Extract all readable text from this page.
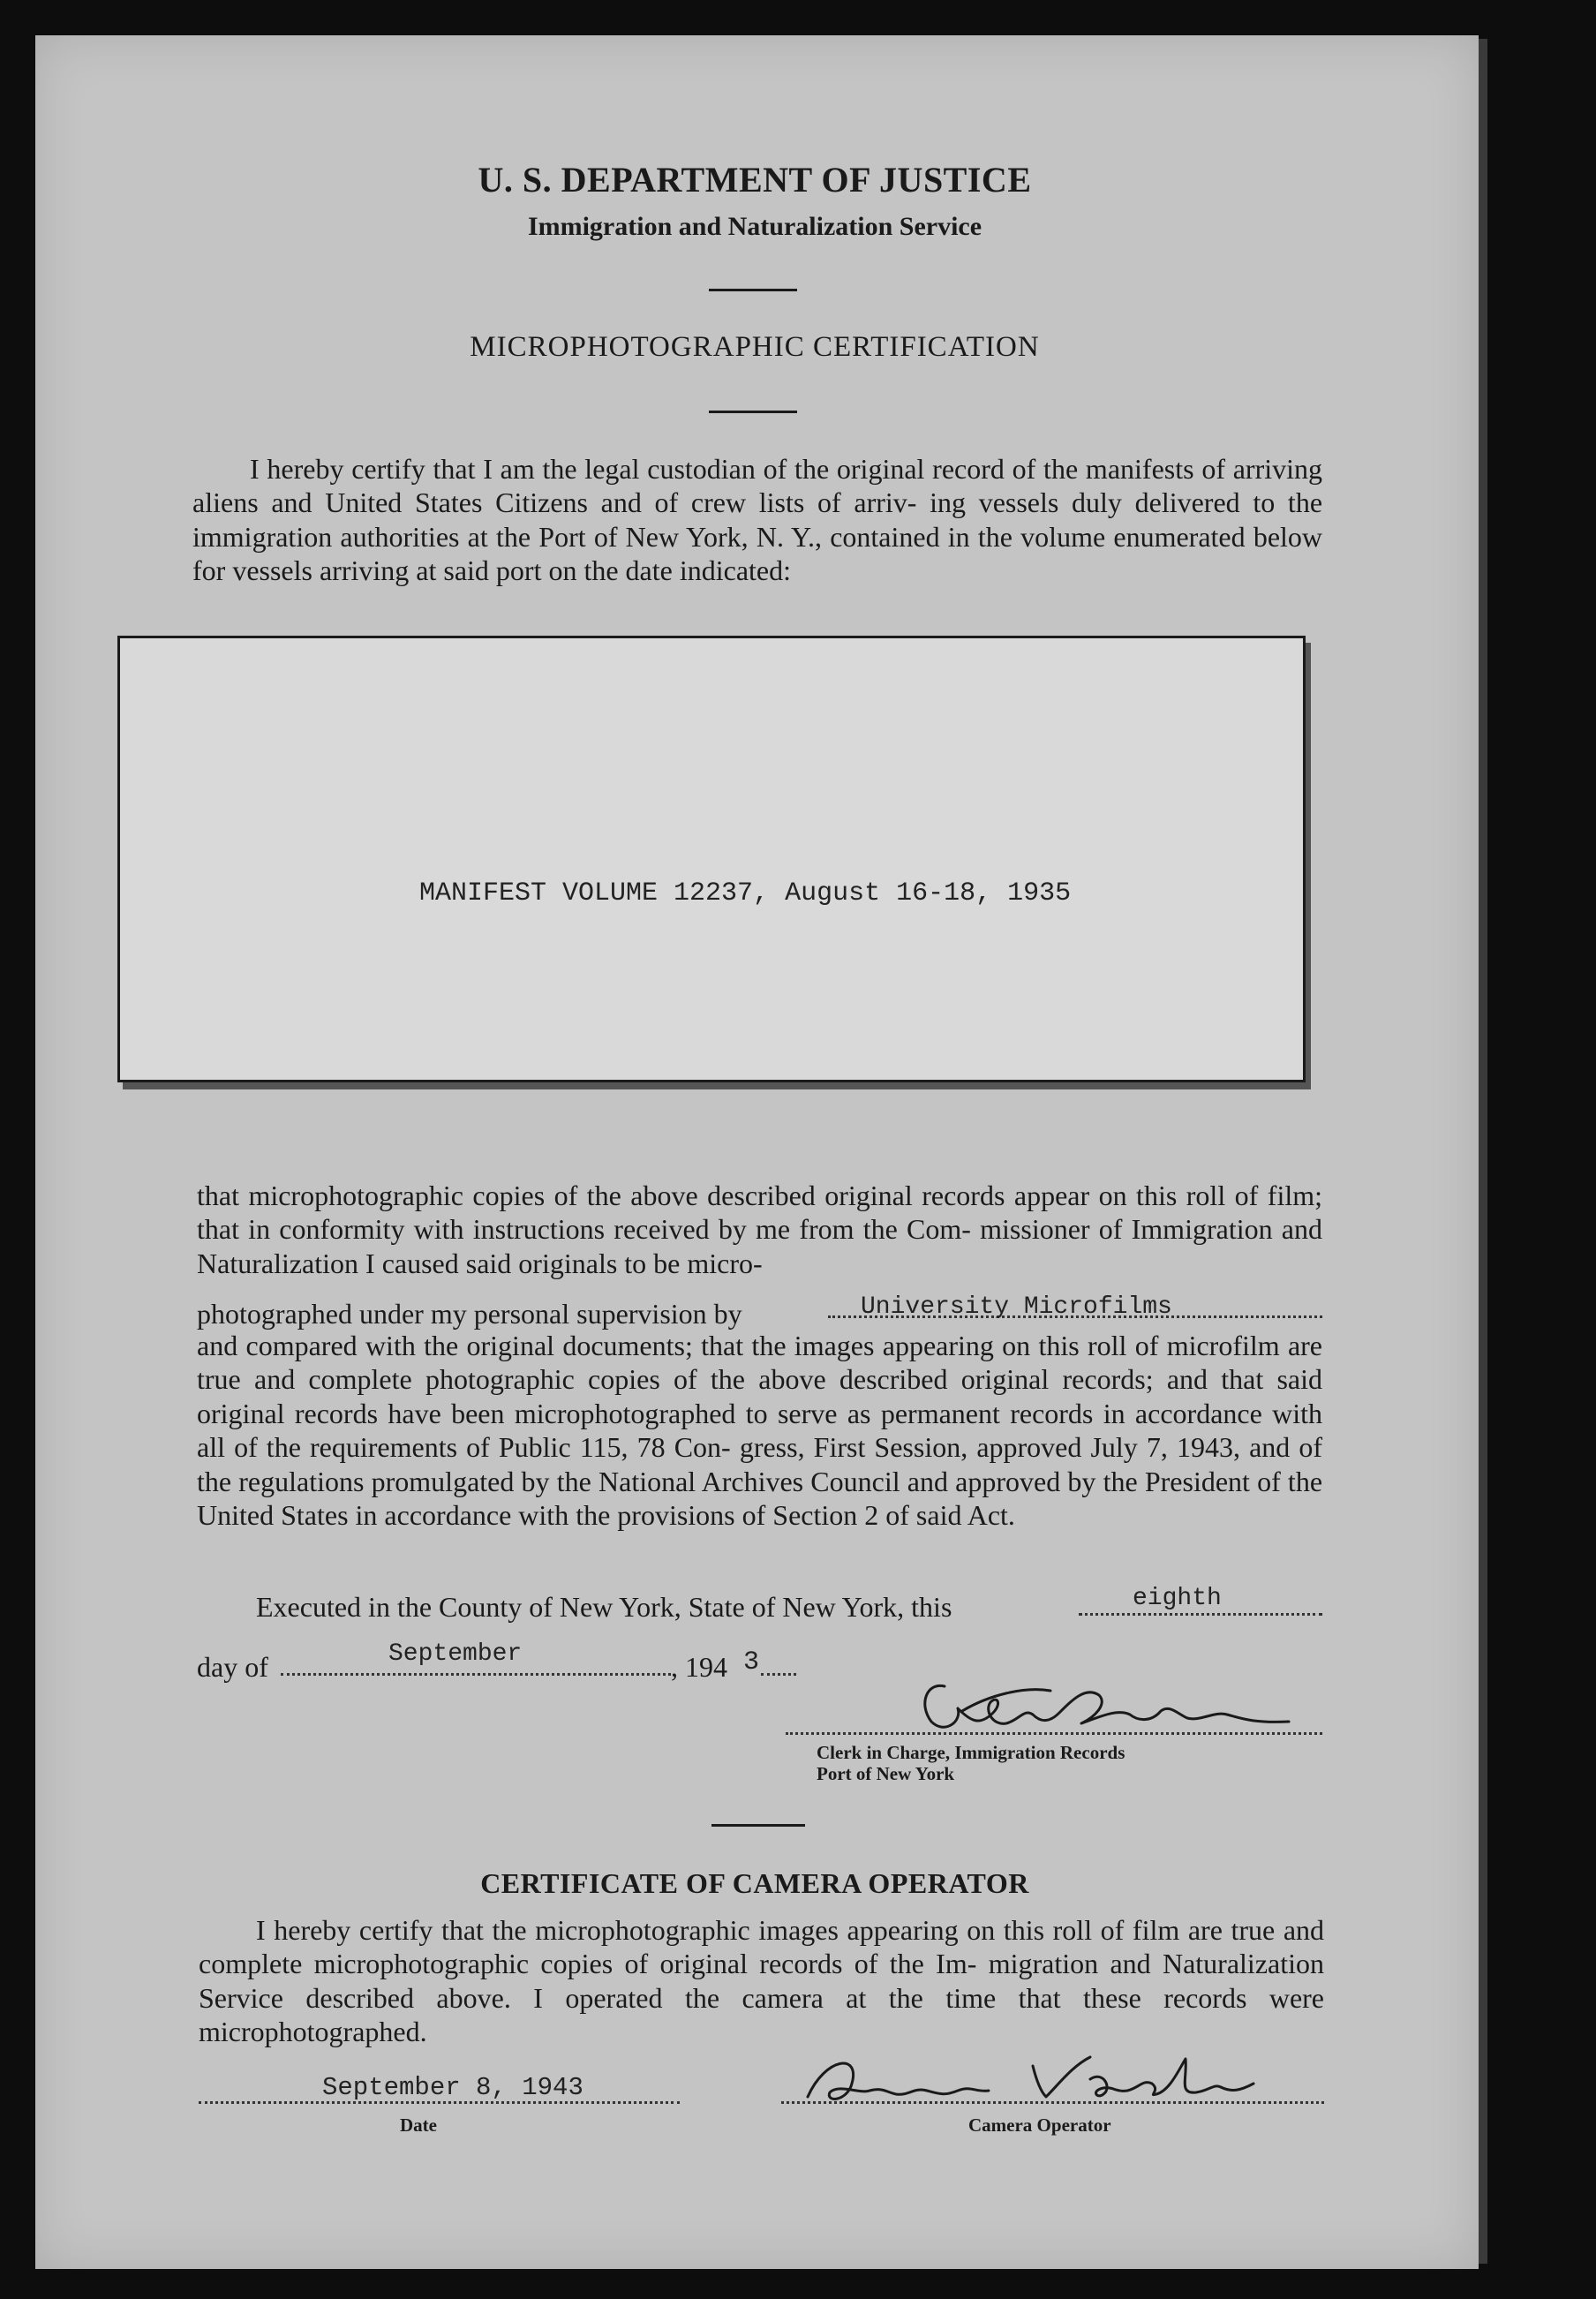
U. S. DEPARTMENT OF JUSTICE
Immigration and Naturalization Service
MICROPHOTOGRAPHIC CERTIFICATION
I hereby certify that I am the legal custodian of the original record of the manifests of arriving aliens and United States Citizens and of crew lists of arriv- ing vessels duly delivered to the immigration authorities at the Port of New York, N. Y., contained in the volume enumerated below for vessels arriving at said port on the date indicated:
MANIFEST VOLUME 12237, August 16-18, 1935
that microphotographic copies of the above described original records appear on this roll of film; that in conformity with instructions received by me from the Com- missioner of Immigration and Naturalization I caused said originals to be micro-
photographed under my personal supervision by	University Microfilms
and compared with the original documents; that the images appearing on this roll of microfilm are true and complete photographic copies of the above described original records; and that said original records have been microphotographed to serve as permanent records in accordance with all of the requirements of Public 115, 78 Con- gress, First Session, approved July 7, 1943, and of the regulations promulgated by the National Archives Council and approved by the President of the United States in accordance with the provisions of Section 2 of said Act.
Executed in the County of New York, State of New York, this	eighth
day of	September	, 194 3
Clerk in Charge, Immigration Records
Port of New York
CERTIFICATE OF CAMERA OPERATOR
I hereby certify that the microphotographic images appearing on this roll of film are true and complete microphotographic copies of original records of the Im- migration and Naturalization Service described above. I operated the camera at the time that these records were microphotographed.
September 8, 1943
Date	Camera Operator
